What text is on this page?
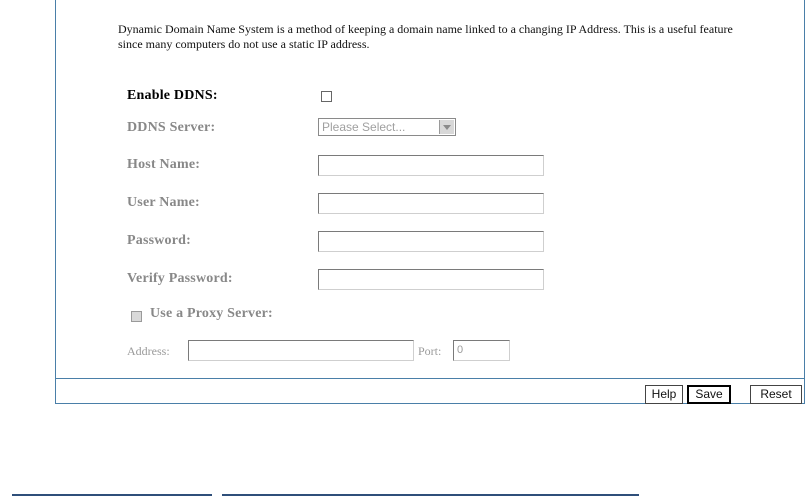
Dynamic Domain Name System is a method of keeping a domain name linked to a changing IP Address. This is a useful feature since many computers do not use a static IP address.
Enable DDNS:
DDNS Server:	Please Select...
Host Name:
User Name:
Password:
Verify Password:
Use a Proxy Server:
Address:	Port:	0
Help	Save	Reset
